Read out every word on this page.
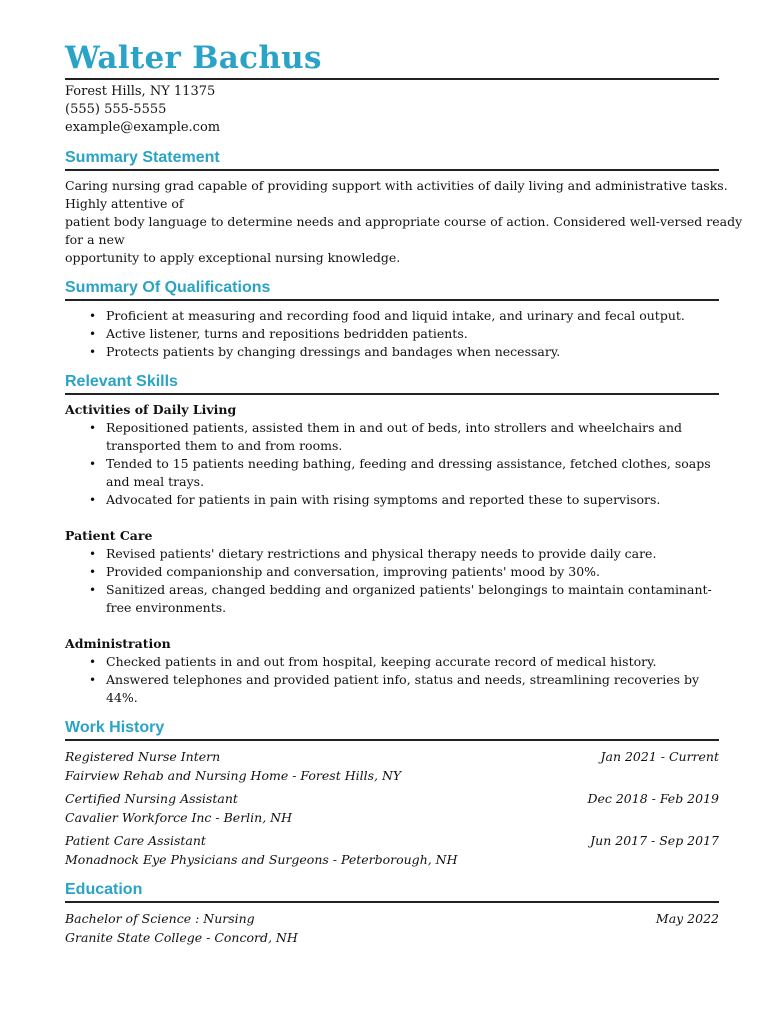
Walter Bachus
Forest Hills, NY 11375
(555) 555-5555
example@example.com
Summary Statement
Caring nursing grad capable of providing support with activities of daily living and administrative tasks.
Highly attentive of
patient body language to determine needs and appropriate course of action. Considered well-versed ready
for a new
opportunity to apply exceptional nursing knowledge.
Summary Of Qualifications
• Proficient at measuring and recording food and liquid intake, and urinary and fecal output.
• Active listener, turns and repositions bedridden patients.
• Protects patients by changing dressings and bandages when necessary.
Relevant Skills
Activities of Daily Living
• Repositioned patients, assisted them in and out of beds, into strollers and wheelchairs and transported them to and from rooms.
• Tended to 15 patients needing bathing, feeding and dressing assistance, fetched clothes, soaps and meal trays.
• Advocated for patients in pain with rising symptoms and reported these to supervisors.
Patient Care
• Revised patients' dietary restrictions and physical therapy needs to provide daily care.
• Provided companionship and conversation, improving patients' mood by 30%.
• Sanitized areas, changed bedding and organized patients' belongings to maintain contaminant-free environments.
Administration
• Checked patients in and out from hospital, keeping accurate record of medical history.
• Answered telephones and provided patient info, status and needs, streamlining recoveries by 44%.
Work History
Registered Nurse Intern	Jan 2021 - Current
Fairview Rehab and Nursing Home - Forest Hills, NY
Certified Nursing Assistant	Dec 2018 - Feb 2019
Cavalier Workforce Inc - Berlin, NH
Patient Care Assistant	Jun 2017 - Sep 2017
Monadnock Eye Physicians and Surgeons - Peterborough, NH
Education
Bachelor of Science : Nursing	May 2022
Granite State College - Concord, NH
